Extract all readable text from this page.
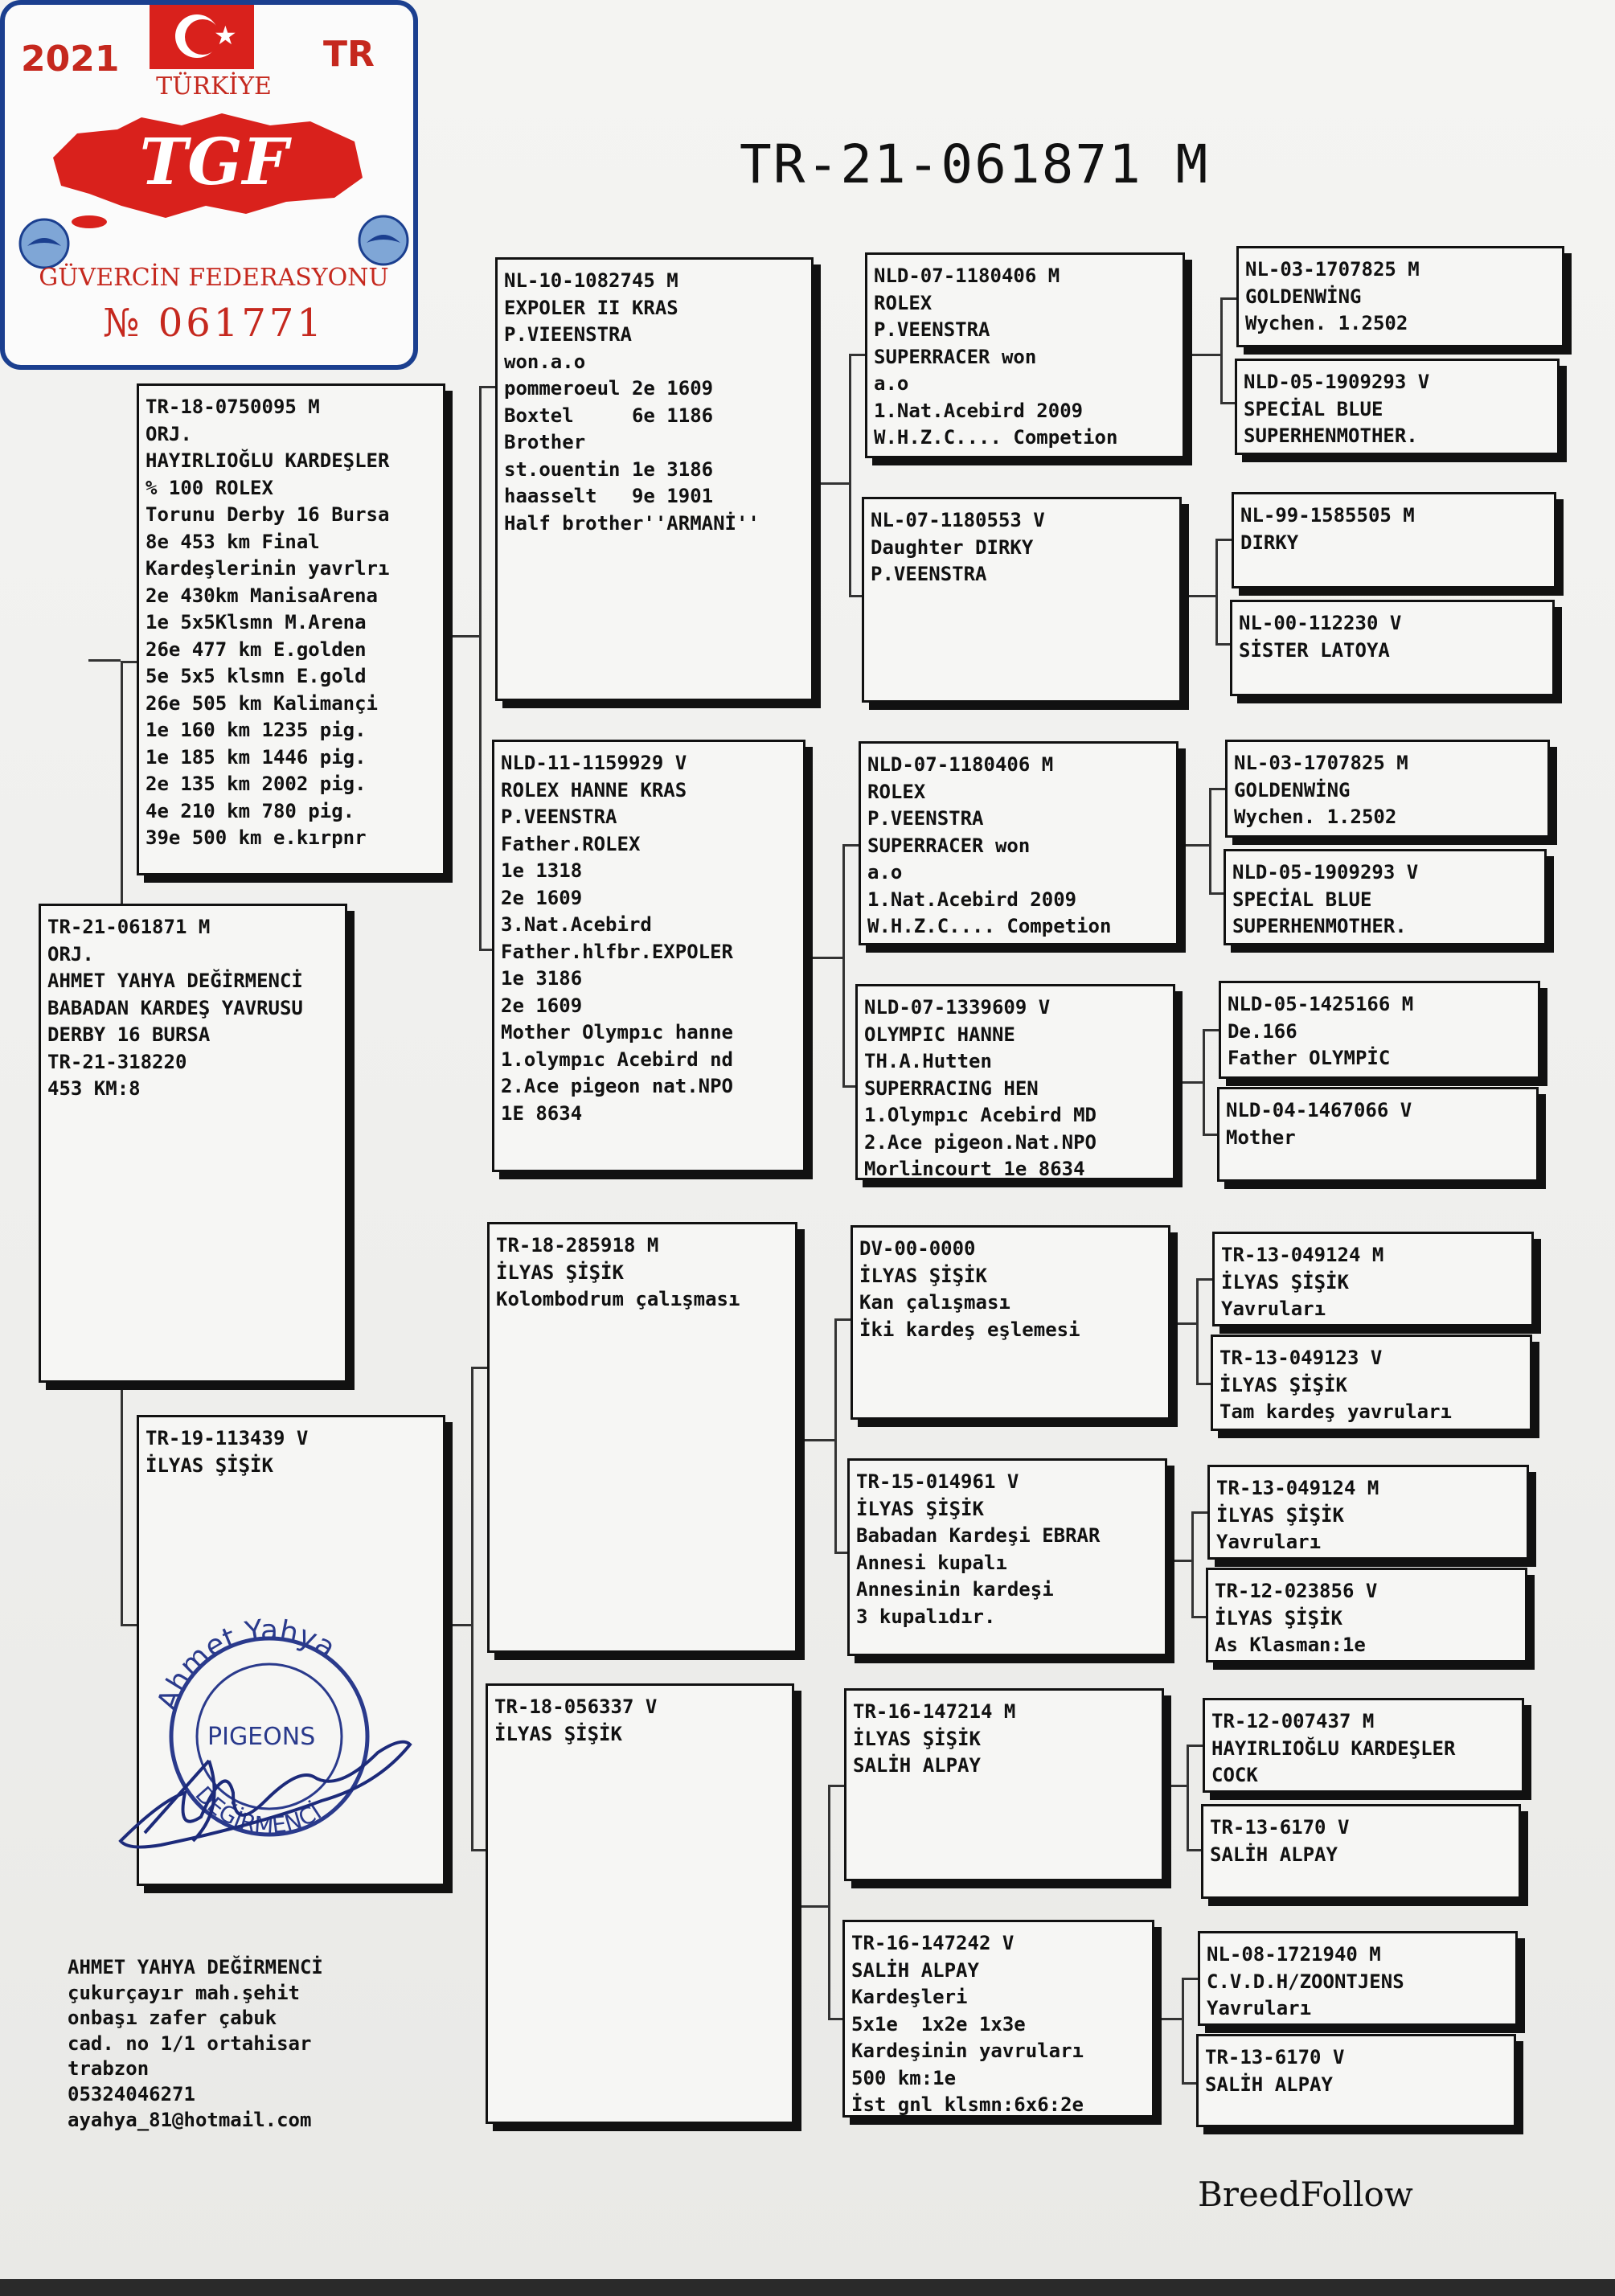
★
2021	TR
TÜRKİYE
TGF
GÜVERCİN FEDERASYONU
№ 061771
TR-21-061871 M
TR-21-061871 M
ORJ.
AHMET YAHYA DEĞİRMENCİ
BABADAN KARDEŞ YAVRUSU
DERBY 16 BURSA
TR-21-318220
453 KM:8
TR-18-0750095 M
ORJ.
HAYIRLIOĞLU KARDEŞLER
% 100 ROLEX
Torunu Derby 16 Bursa
8e 453 km Final
Kardeşlerinin yavrlrı
2e 430km ManisaArena
1e 5x5Klsmn M.Arena
26e 477 km E.golden
5e 5x5 klsmn E.gold
26e 505 km Kalimançi
1e 160 km 1235 pig.
1e 185 km 1446 pig.
2e 135 km 2002 pig.
4e 210 km 780 pig.
39e 500 km e.kırpnr
TR-19-113439 V
İLYAS ŞİŞİK
NL-10-1082745 M
EXPOLER II KRAS
P.VIEENSTRA
won.a.o
pommeroeul 2e 1609
Boxtel     6e 1186
Brother
st.ouentin 1e 3186
haasselt   9e 1901
Half brother''ARMANİ''
NLD-11-1159929 V
ROLEX HANNE KRAS
P.VEENSTRA
Father.ROLEX
1e 1318
2e 1609
3.Nat.Acebird
Father.hlfbr.EXPOLER
1e 3186
2e 1609
Mother Olympıc hanne
1.olympıc Acebird nd
2.Ace pigeon nat.NPO
1E 8634
TR-18-285918 M
İLYAS ŞİŞİK
Kolombodrum çalışması
TR-18-056337 V
İLYAS ŞİŞİK
NLD-07-1180406 M
ROLEX
P.VEENSTRA
SUPERRACER won
a.o
1.Nat.Acebird 2009
W.H.Z.C.... Competion
NL-07-1180553 V
Daughter DIRKY
P.VEENSTRA
NLD-07-1180406 M
ROLEX
P.VEENSTRA
SUPERRACER won
a.o
1.Nat.Acebird 2009
W.H.Z.C.... Competion
NLD-07-1339609 V
OLYMPIC HANNE
TH.A.Hutten
SUPERRACING HEN
1.Olympıc Acebird MD
2.Ace pigeon.Nat.NPO
Morlincourt 1e 8634
DV-00-0000
İLYAS ŞİŞİK
Kan çalışması
İki kardeş eşlemesi
TR-15-014961 V
İLYAS ŞİŞİK
Babadan Kardeşi EBRAR
Annesi kupalı
Annesinin kardeşi
3 kupalıdır.
TR-16-147214 M
İLYAS ŞİŞİK
SALİH ALPAY
TR-16-147242 V
SALİH ALPAY
Kardeşleri
5x1e  1x2e 1x3e
Kardeşinin yavruları
500 km:1e
İst gnl klsmn:6x6:2e
NL-03-1707825 M
GOLDENWİNG
Wychen. 1.2502
NLD-05-1909293 V
SPECİAL BLUE
SUPERHENMOTHER.
NL-99-1585505 M
DIRKY
NL-00-112230 V
SİSTER LATOYA
NL-03-1707825 M
GOLDENWİNG
Wychen. 1.2502
NLD-05-1909293 V
SPECİAL BLUE
SUPERHENMOTHER.
NLD-05-1425166 M
De.166
Father OLYMPİC
NLD-04-1467066 V
Mother
TR-13-049124 M
İLYAS ŞİŞİK
Yavruları
TR-13-049123 V
İLYAS ŞİŞİK
Tam kardeş yavruları
TR-13-049124 M
İLYAS ŞİŞİK
Yavruları
TR-12-023856 V
İLYAS ŞİŞİK
As Klasman:1e
TR-12-007437 M
HAYIRLIOĞLU KARDEŞLER
COCK
TR-13-6170 V
SALİH ALPAY
NL-08-1721940 M
C.V.D.H/ZOONTJENS
Yavruları
TR-13-6170 V
SALİH ALPAY
Ahmet Yahya
PIGEONS
DEĞİRMENCİ
AHMET YAHYA DEĞİRMENCİ
çukurçayır mah.şehit
onbaşı zafer çabuk
cad. no 1/1 ortahisar
trabzon
05324046271
ayahya_81@hotmail.com
BreedFollow
